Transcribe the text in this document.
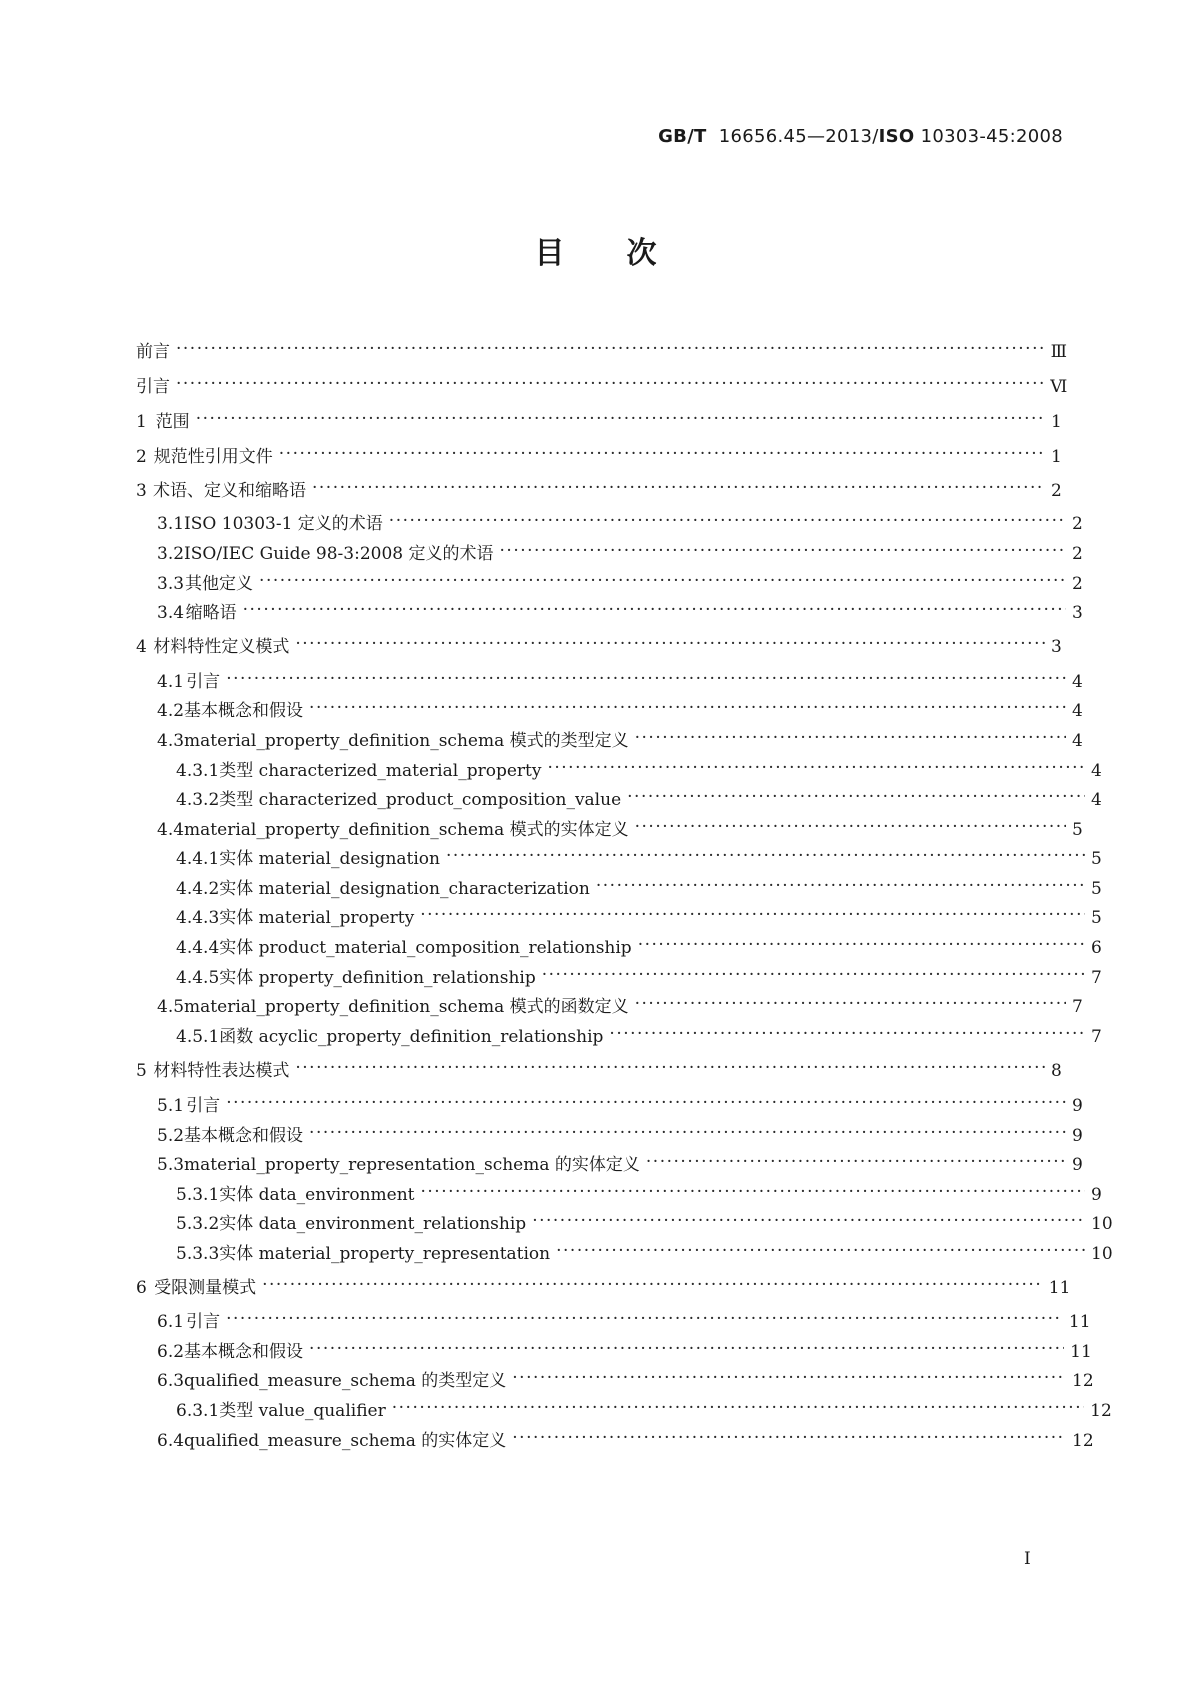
GB/T 16656.45—2013/ISO 10303-45:2008
目次
前言 ·····	Ⅲ
引言 ·····	Ⅵ
1 范围 ·····	1
2 规范性引用文件 ·····	1
3 术语、定义和缩略语 ·····	2
3.1 ISO 10303-1 定义的术语 ·····	2
3.2 ISO/IEC Guide 98-3:2008 定义的术语 ·····	2
3.3 其他定义 ·····	2
3.4 缩略语 ·····	3
4 材料特性定义模式 ·····	3
4.1 引言 ·····	4
4.2 基本概念和假设 ·····	4
4.3 material_property_definition_schema 模式的类型定义 ·····	4
4.3.1 类型 characterized_material_property ·····	4
4.3.2 类型 characterized_product_composition_value ·····	4
4.4 material_property_definition_schema 模式的实体定义 ·····	5
4.4.1 实体 material_designation ·····	5
4.4.2 实体 material_designation_characterization ·····	5
4.4.3 实体 material_property ·····	5
4.4.4 实体 product_material_composition_relationship ·····	6
4.4.5 实体 property_definition_relationship ·····	7
4.5 material_property_definition_schema 模式的函数定义 ·····	7
4.5.1 函数 acyclic_property_definition_relationship ·····	7
5 材料特性表达模式 ·····	8
5.1 引言 ·····	9
5.2 基本概念和假设 ·····	9
5.3 material_property_representation_schema 的实体定义 ·····	9
5.3.1 实体 data_environment ·····	9
5.3.2 实体 data_environment_relationship ·····	10
5.3.3 实体 material_property_representation ·····	10
6 受限测量模式 ·····	11
6.1 引言 ·····	11
6.2 基本概念和假设 ·····	11
6.3 qualified_measure_schema 的类型定义 ·····	12
6.3.1 类型 value_qualifier ·····	12
6.4 qualified_measure_schema 的实体定义 ·····	12
I
